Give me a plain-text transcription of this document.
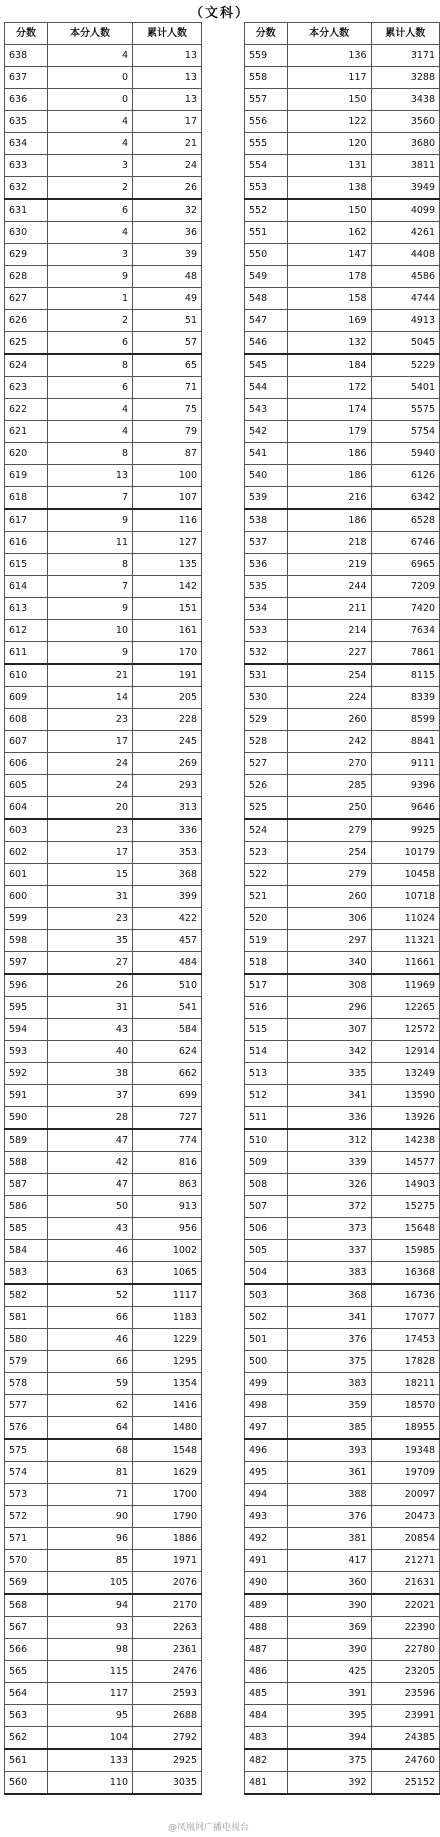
（文科）
分数	本分人数	累计人数
638	4	13
637	0	13
636	0	13
635	4	17
634	4	21
633	3	24
632	2	26
631	6	32
630	4	36
629	3	39
628	9	48
627	1	49
626	2	51
625	6	57
624	8	65
623	6	71
622	4	75
621	4	79
620	8	87
619	13	100
618	7	107
617	9	116
616	11	127
615	8	135
614	7	142
613	9	151
612	10	161
611	9	170
610	21	191
609	14	205
608	23	228
607	17	245
606	24	269
605	24	293
604	20	313
603	23	336
602	17	353
601	15	368
600	31	399
599	23	422
598	35	457
597	27	484
596	26	510
595	31	541
594	43	584
593	40	624
592	38	662
591	37	699
590	28	727
589	47	774
588	42	816
587	47	863
586	50	913
585	43	956
584	46	1002
583	63	1065
582	52	1117
581	66	1183
580	46	1229
579	66	1295
578	59	1354
577	62	1416
576	64	1480
575	68	1548
574	81	1629
573	71	1700
572	90	1790
571	96	1886
570	85	1971
569	105	2076
568	94	2170
567	93	2263
566	98	2361
565	115	2476
564	117	2593
563	95	2688
562	104	2792
561	133	2925
560	110	3035
分数	本分人数	累计人数
559	136	3171
558	117	3288
557	150	3438
556	122	3560
555	120	3680
554	131	3811
553	138	3949
552	150	4099
551	162	4261
550	147	4408
549	178	4586
548	158	4744
547	169	4913
546	132	5045
545	184	5229
544	172	5401
543	174	5575
542	179	5754
541	186	5940
540	186	6126
539	216	6342
538	186	6528
537	218	6746
536	219	6965
535	244	7209
534	211	7420
533	214	7634
532	227	7861
531	254	8115
530	224	8339
529	260	8599
528	242	8841
527	270	9111
526	285	9396
525	250	9646
524	279	9925
523	254	10179
522	279	10458
521	260	10718
520	306	11024
519	297	11321
518	340	11661
517	308	11969
516	296	12265
515	307	12572
514	342	12914
513	335	13249
512	341	13590
511	336	13926
510	312	14238
509	339	14577
508	326	14903
507	372	15275
506	373	15648
505	337	15985
504	383	16368
503	368	16736
502	341	17077
501	376	17453
500	375	17828
499	383	18211
498	359	18570
497	385	18955
496	393	19348
495	361	19709
494	388	20097
493	376	20473
492	381	20854
491	417	21271
490	360	21631
489	390	22021
488	369	22390
487	390	22780
486	425	23205
485	391	23596
484	395	23991
483	394	24385
482	375	24760
481	392	25152
@凤凰网广播电视台
